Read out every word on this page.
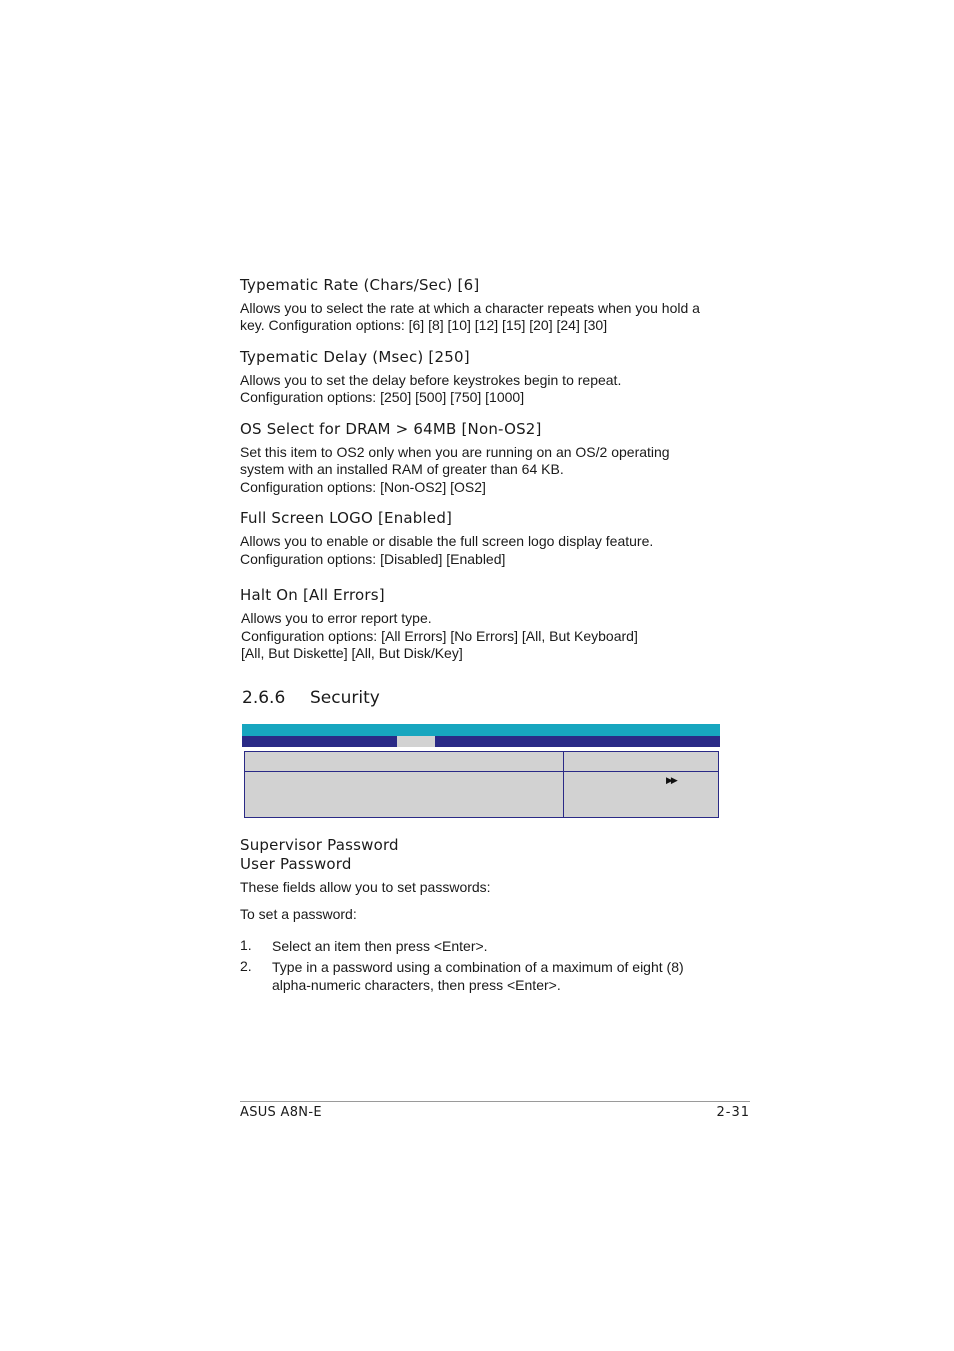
Typematic Rate (Chars/Sec) [6]
Allows you to select the rate at which a character repeats when you hold a
key. Configuration options: [6] [8] [10] [12] [15] [20] [24] [30]
Typematic Delay (Msec) [250]
Allows you to set the delay before keystrokes begin to repeat.
Configuration options: [250] [500] [750] [1000]
OS Select for DRAM > 64MB [Non-OS2]
Set this item to OS2 only when you are running on an OS/2 operating
system with an installed RAM of greater than 64 KB.
Configuration options: [Non-OS2] [OS2]
Full Screen LOGO [Enabled]
Allows you to enable or disable the full screen logo display feature.
Configuration options: [Disabled] [Enabled]
Halt On [All Errors]
Allows you to error report type.
Configuration options: [All Errors] [No Errors] [All, But Keyboard]
[All, But Diskette] [All, But Disk/Key]
2.6.6 Security
▶▶
Supervisor Password
User Password
These fields allow you to set passwords:
To set a password:
1. Select an item then press <Enter>.
2. Type in a password using a combination of a maximum of eight (8)
alpha-numeric characters, then press <Enter>.
ASUS A8N-E	2-31
